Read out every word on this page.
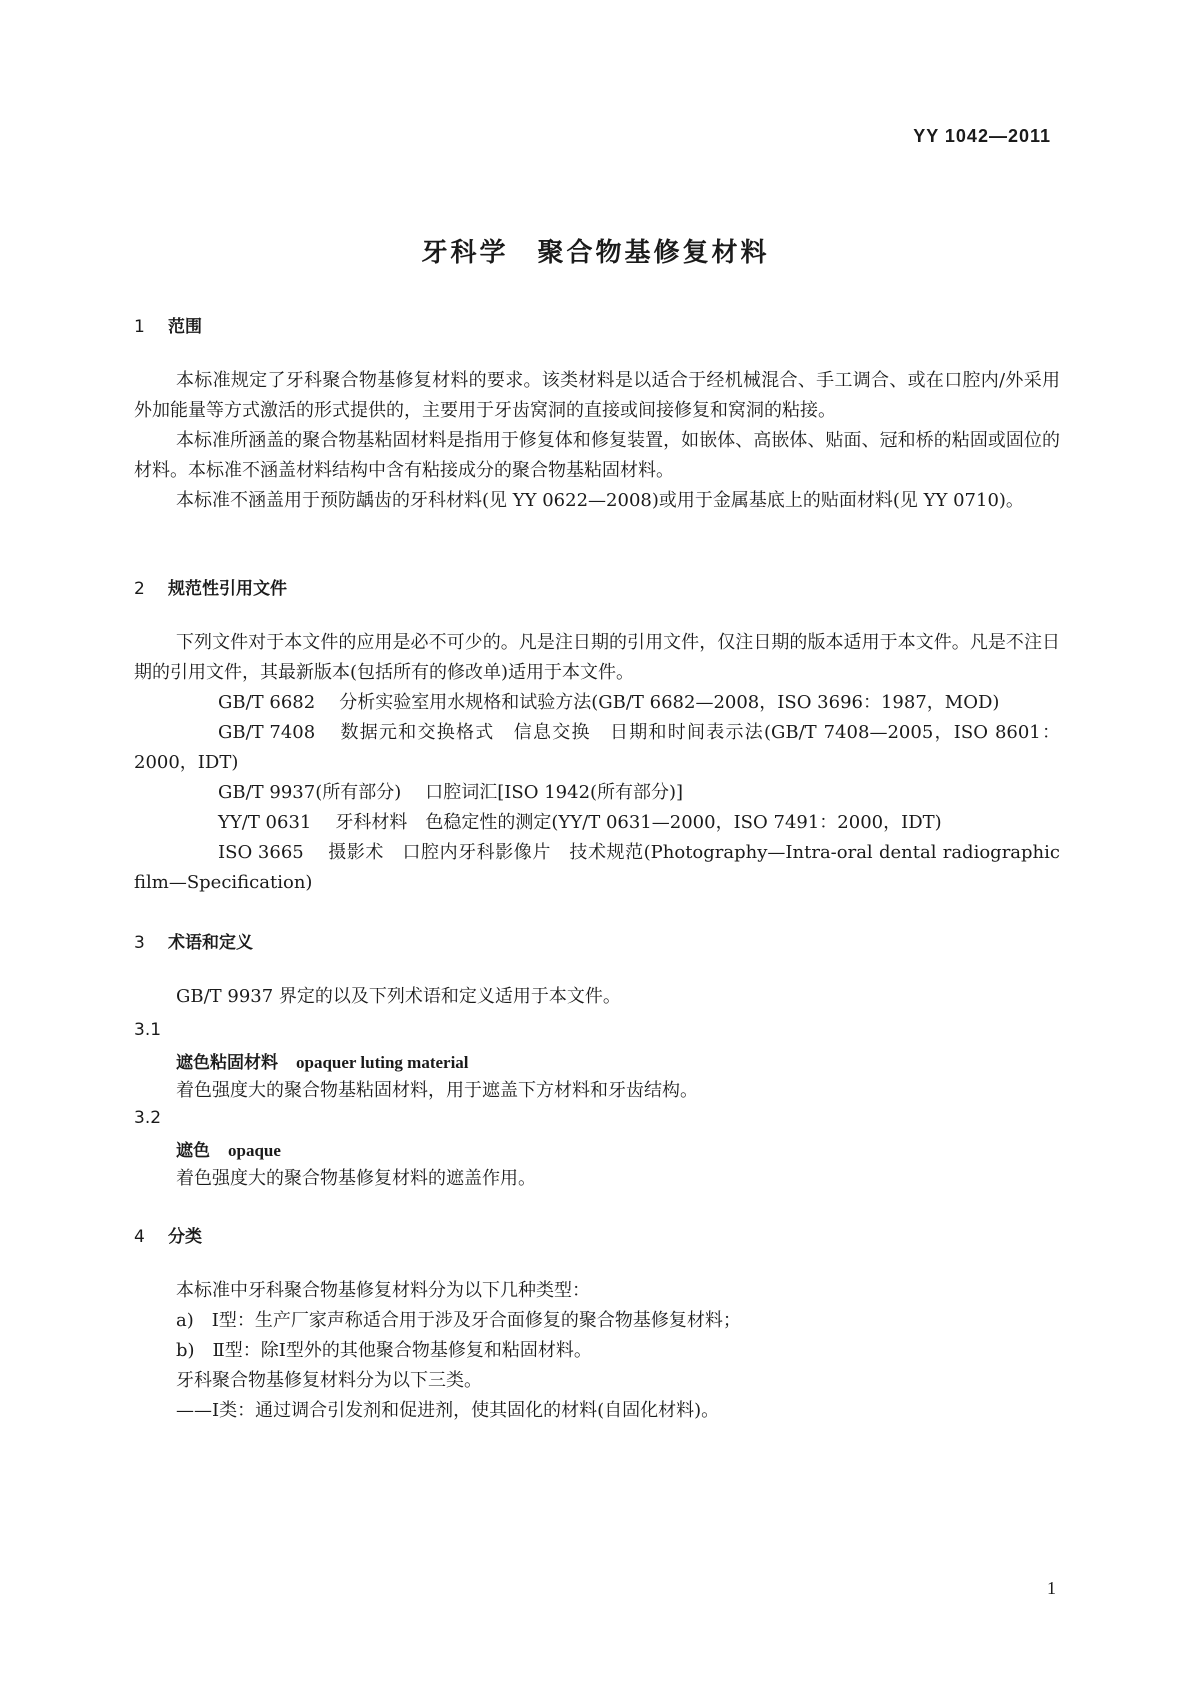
YY 1042—2011
牙科学　聚合物基修复材料
1 范围

本标准规定了牙科聚合物基修复材料的要求。该类材料是以适合于经机械混合、手工调合、或在口腔内/外采用外加能量等方式激活的形式提供的，主要用于牙齿窝洞的直接或间接修复和窝洞的粘接。

本标准所涵盖的聚合物基粘固材料是指用于修复体和修复装置，如嵌体、高嵌体、贴面、冠和桥的粘固或固位的材料。本标准不涵盖材料结构中含有粘接成分的聚合物基粘固材料。

本标准不涵盖用于预防龋齿的牙科材料(见 YY 0622—2008)或用于金属基底上的贴面材料(见 YY 0710)。

2 规范性引用文件

下列文件对于本文件的应用是必不可少的。凡是注日期的引用文件，仅注日期的版本适用于本文件。凡是不注日期的引用文件，其最新版本(包括所有的修改单)适用于本文件。

GB/T 6682 分析实验室用水规格和试验方法(GB/T 6682—2008，ISO 3696：1987，MOD)

GB/T 7408 数据元和交换格式　信息交换　日期和时间表示法(GB/T 7408—2005，ISO 8601：2000，IDT)

GB/T 9937(所有部分) 口腔词汇[ISO 1942(所有部分)]

YY/T 0631 牙科材料　色稳定性的测定(YY/T 0631—2000，ISO 7491：2000，IDT)

ISO 3665 摄影术　口腔内牙科影像片　技术规范(Photography—Intra-oral dental radiographic film—Specification)

3 术语和定义

GB/T 9937 界定的以及下列术语和定义适用于本文件。

3.1
遮色粘固材料 opaquer luting material
着色强度大的聚合物基粘固材料，用于遮盖下方材料和牙齿结构。
3.2
遮色 opaque
着色强度大的聚合物基修复材料的遮盖作用。
4 分类

本标准中牙科聚合物基修复材料分为以下几种类型：

a)　Ⅰ型：生产厂家声称适合用于涉及牙合面修复的聚合物基修复材料；

b)　Ⅱ型：除Ⅰ型外的其他聚合物基修复和粘固材料。

牙科聚合物基修复材料分为以下三类。

——Ⅰ类：通过调合引发剂和促进剂，使其固化的材料(自固化材料)。

1
